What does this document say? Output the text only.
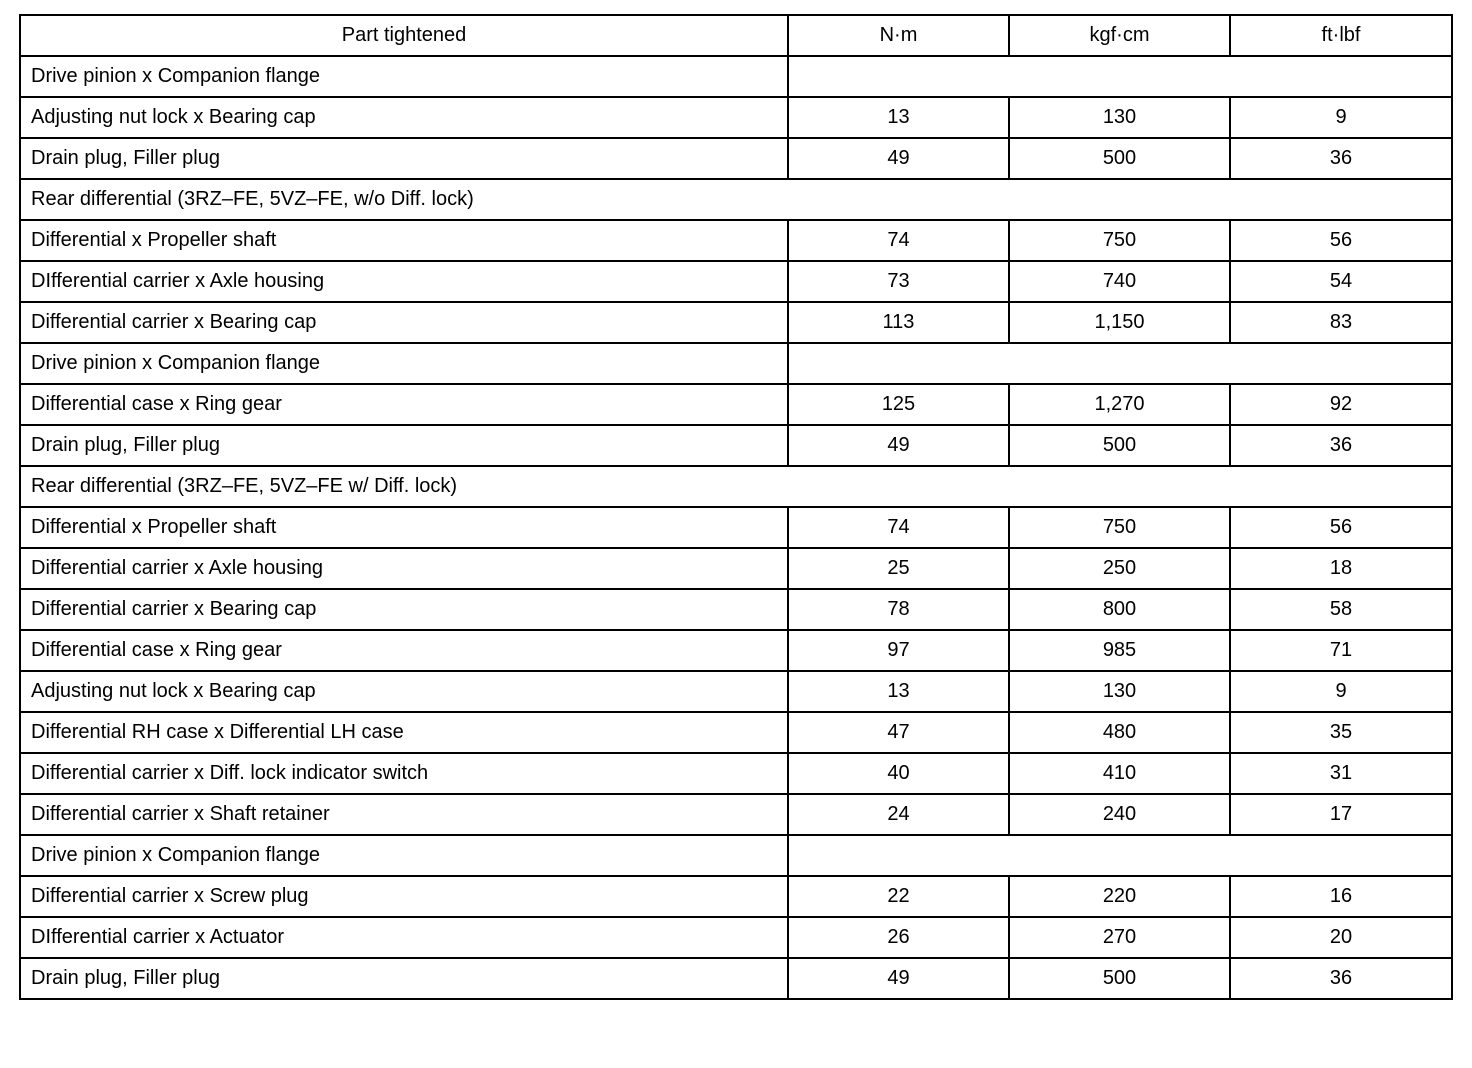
Part tightened	N·m	kgf·cm	ft·lbf
Drive pinion x Companion flange			
Adjusting nut lock x Bearing cap	13	130	9
Drain plug, Filler plug	49	500	36
Rear differential (3RZ–FE, 5VZ–FE, w/o Diff. lock)			
Differential x Propeller shaft	74	750	56
DIfferential carrier x Axle housing	73	740	54
Differential carrier x Bearing cap	113	1,150	83
Drive pinion x Companion flange			
Differential case x Ring gear	125	1,270	92
Drain plug, Filler plug	49	500	36
Rear differential (3RZ–FE, 5VZ–FE w/ Diff. lock)			
Differential x Propeller shaft	74	750	56
Differential carrier x Axle housing	25	250	18
Differential carrier x Bearing cap	78	800	58
Differential case x Ring gear	97	985	71
Adjusting nut lock x Bearing cap	13	130	9
Differential RH case x Differential LH case	47	480	35
Differential carrier x Diff. lock indicator switch	40	410	31
Differential carrier x Shaft retainer	24	240	17
Drive pinion x Companion flange			
Differential carrier x Screw plug	22	220	16
DIfferential carrier x Actuator	26	270	20
Drain plug, Filler plug	49	500	36
